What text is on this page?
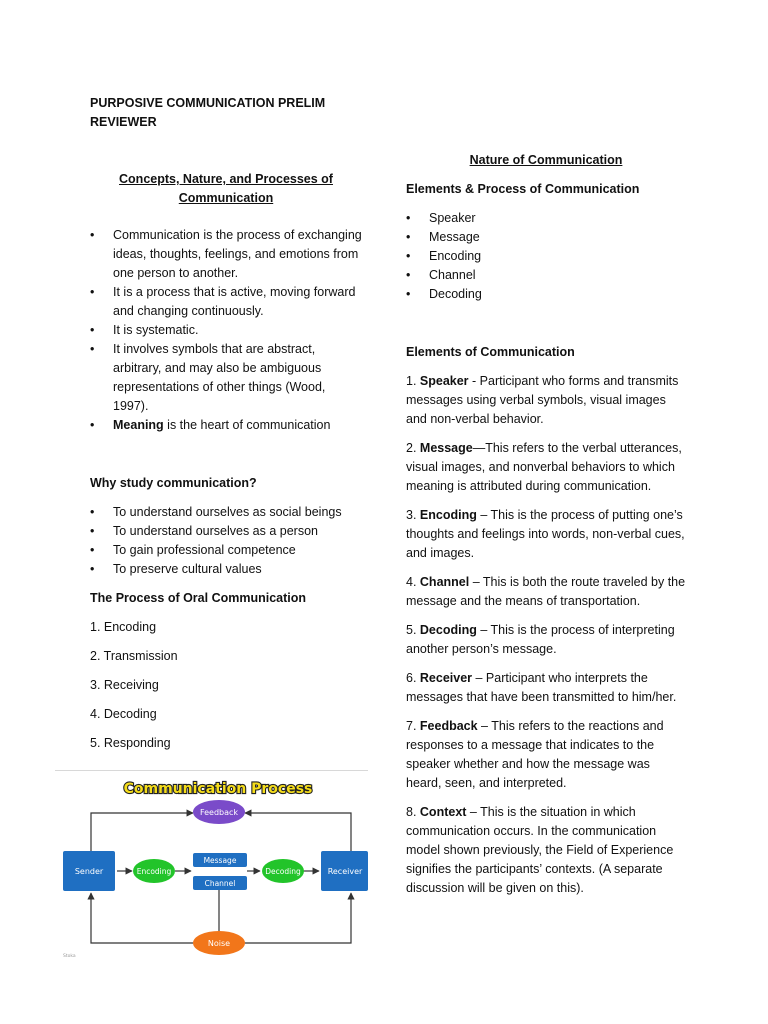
PURPOSIVE COMMUNICATION PRELIM REVIEWER
Concepts, Nature, and Processes of Communication
• Communication is the process of exchanging ideas, thoughts, feelings, and emotions from one person to another.
• It is a process that is active, moving forward and changing continuously.
• It is systematic.
• It involves symbols that are abstract, arbitrary, and may also be ambiguous representations of other things (Wood, 1997).
• Meaning is the heart of communication
Why study communication?
• To understand ourselves as social beings
• To understand ourselves as a person
• To gain professional competence
• To preserve cultural values
The Process of Oral Communication
1. Encoding
2. Transmission
3. Receiving
4. Decoding
5. Responding
Communication Process
Feedback
Sender	Encoding
Message
Channel
Decoding	Receiver
Noise
Stoka
Nature of Communication
Elements & Process of Communication
• Speaker
• Message
• Encoding
• Channel
• Decoding
Elements of Communication

1. Speaker - Participant who forms and transmits messages using verbal symbols, visual images and non-verbal behavior.

2. Message—This refers to the verbal utterances, visual images, and nonverbal behaviors to which meaning is attributed during communication.

3. Encoding – This is the process of putting one’s thoughts and feelings into words, non-verbal cues, and images.

4. Channel – This is both the route traveled by the message and the means of transportation.

5. Decoding – This is the process of interpreting another person’s message.

6. Receiver – Participant who interprets the messages that have been transmitted to him/her.

7. Feedback – This refers to the reactions and responses to a message that indicates to the speaker whether and how the message was heard, seen, and interpreted.

8. Context – This is the situation in which communication occurs. In the communication model shown previously, the Field of Experience signifies the participants’ contexts. (A separate discussion will be given on this).
